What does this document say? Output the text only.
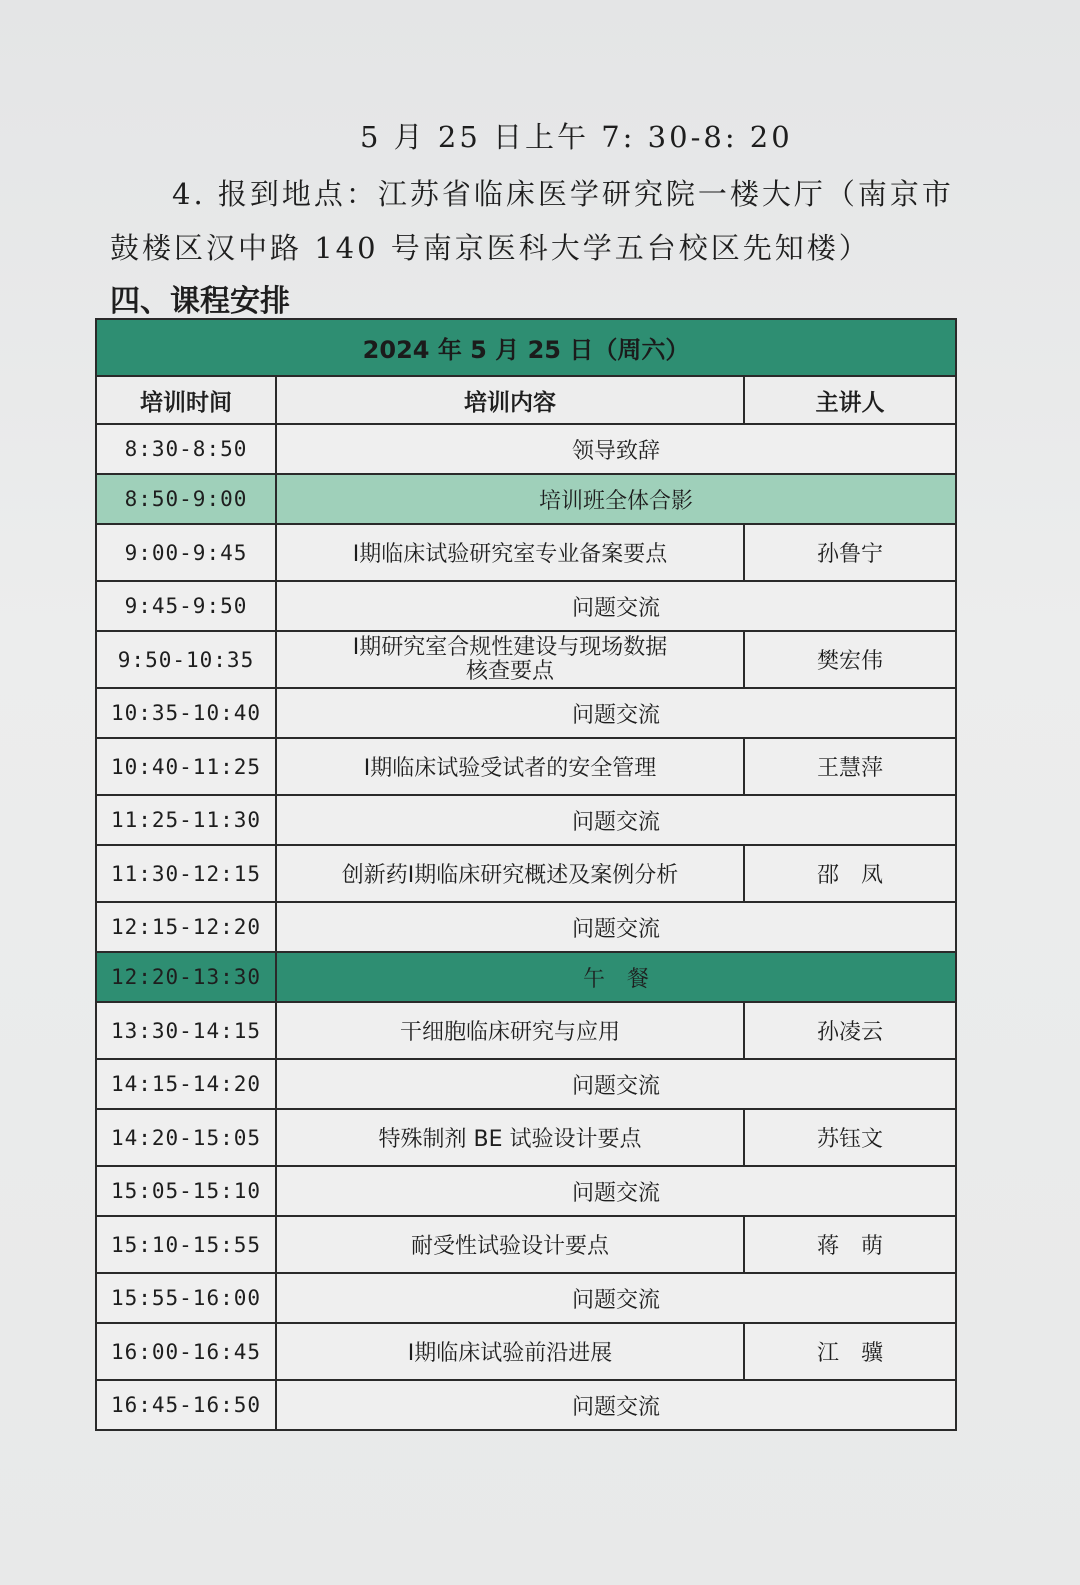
5 月 25 日上午 7: 30-8: 20
4. 报到地点：江苏省临床医学研究院一楼大厅（南京市
鼓楼区汉中路 140 号南京医科大学五台校区先知楼）
四、课程安排
2024 年 5 月 25 日（周六）		
培训时间	培训内容	主讲人
8:30-8:50	领导致辞	
8:50-9:00	培训班全体合影	
9:00-9:45	Ⅰ期临床试验研究室专业备案要点	孙鲁宁
9:45-9:50	问题交流	
9:50-10:35	Ⅰ期研究室合规性建设与现场数据
核查要点	樊宏伟
10:35-10:40	问题交流	
10:40-11:25	Ⅰ期临床试验受试者的安全管理	王慧萍
11:25-11:30	问题交流	
11:30-12:15	创新药Ⅰ期临床研究概述及案例分析	邵　凤
12:15-12:20	问题交流	
12:20-13:30	午　餐	
13:30-14:15	干细胞临床研究与应用	孙凌云
14:15-14:20	问题交流	
14:20-15:05	特殊制剂 BE 试验设计要点	苏钰文
15:05-15:10	问题交流	
15:10-15:55	耐受性试验设计要点	蒋　萌
15:55-16:00	问题交流	
16:00-16:45	Ⅰ期临床试验前沿进展	江　骥
16:45-16:50	问题交流	
